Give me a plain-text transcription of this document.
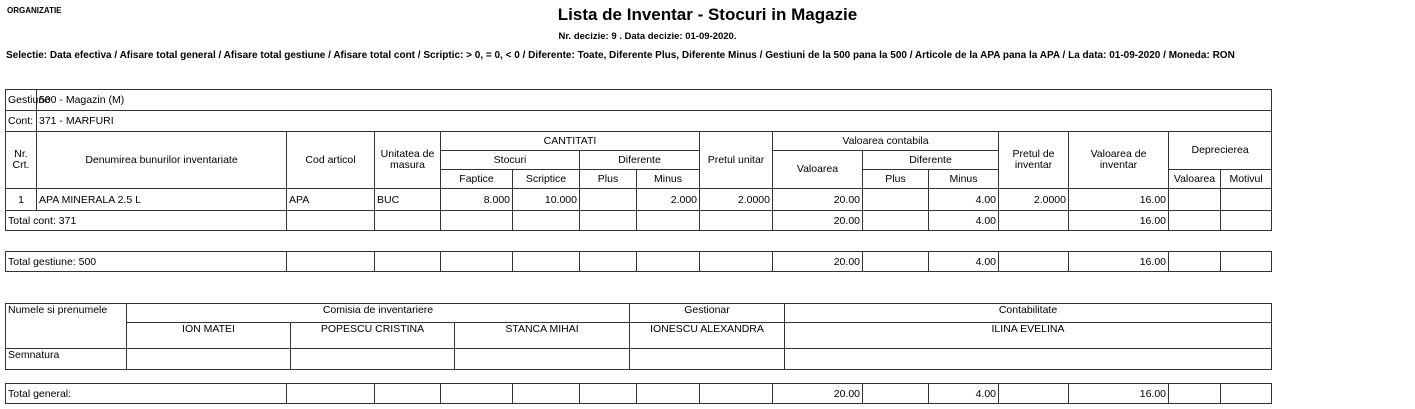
ORGANIZATIE	Lista de Inventar - Stocuri in Magazie
Nr. decizie: 9 . Data decizie: 01-09-2020.
Selectie: Data efectiva / Afisare total general / Afisare total gestiune / Afisare total cont / Scriptic: > 0, = 0, < 0 / Diferente: Toate, Diferente Plus, Diferente Minus / Gestiuni de la 500 pana la 500 / Articole de la APA pana la APA / La data: 01-09-2020 / Moneda: RON
Gestiune	500 - Magazin (M)														
Cont:	371 - MARFURI														
Nr. Crt.	Denumirea bunurilor inventariate	Cod articol	Unitatea de masura	CANTITATI				Pretul unitar	Valoarea contabila			Pretul de inventar	Valoarea de inventar	Deprecierea	
				Stocuri		Diferente			Valoarea	Diferente					
				Faptice	Scriptice	Plus	Minus			Plus	Minus			Valoarea	Motivul
1	APA MINERALA 2.5 L	APA	BUC	8.000	10.000		2.000	2.0000	20.00		4.00	2.0000	16.00		
Total cont: 371									20.00		4.00		16.00		

Total gestiune: 500									20.00		4.00		16.00		
Numele si prenumele	Comisia de inventariere			Gestionar	Contabilitate
	ION MATEI	POPESCU CRISTINA	STANCA MIHAI	IONESCU ALEXANDRA	ILINA EVELINA
Semnatura					
Total general:								20.00		4.00		16.00		
